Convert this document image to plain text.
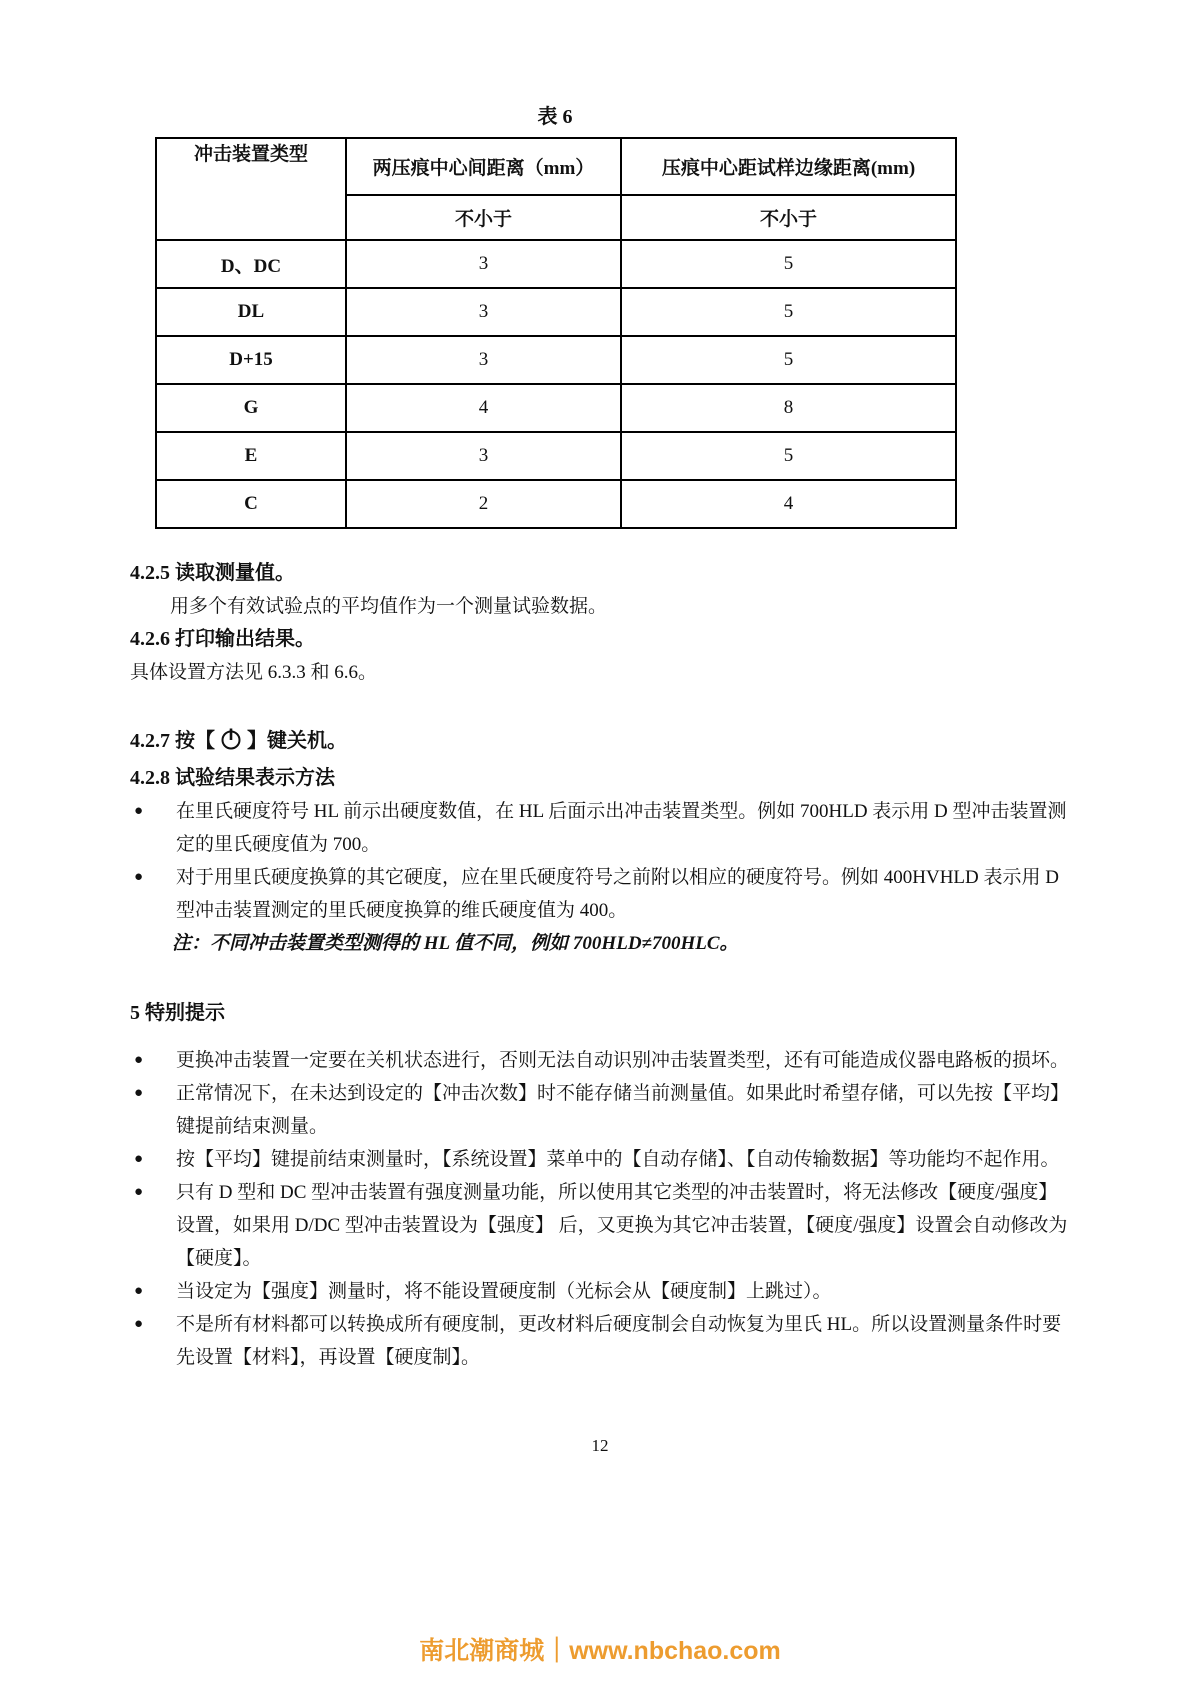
表 6
冲击装置类型	两压痕中心间距离（mm）	压痕中心距试样边缘距离(mm)
	不小于	不小于
D、DC	3	5
DL	3	5
D+15	3	5
G	4	8
E	3	5
C	2	4
4.2.5 读取测量值。
用多个有效试验点的平均值作为一个测量试验数据。
4.2.6 打印输出结果。
具体设置方法见 6.3.3 和 6.6。
4.2.7 按【 】键关机。
4.2.8 试验结果表示方法
●	在里氏硬度符号 HL 前示出硬度数值，在 HL 后面示出冲击装置类型。例如 700HLD 表示用 D 型冲击装置测定的里氏硬度值为 700。
●	对于用里氏硬度换算的其它硬度，应在里氏硬度符号之前附以相应的硬度符号。例如 400HVHLD 表示用 D 型冲击装置测定的里氏硬度换算的维氏硬度值为 400。
注：不同冲击装置类型测得的 HL 值不同，例如 700HLD≠700HLC。
5 特别提示
●	更换冲击装置一定要在关机状态进行，否则无法自动识别冲击装置类型，还有可能造成仪器电路板的损坏。
●	正常情况下，在未达到设定的【冲击次数】时不能存储当前测量值。如果此时希望存储，可以先按【平均】键提前结束测量。
●	按【平均】键提前结束测量时，【系统设置】菜单中的【自动存储】、【自动传输数据】等功能均不起作用。
●	只有 D 型和 DC 型冲击装置有强度测量功能，所以使用其它类型的冲击装置时，将无法修改【硬度/强度】设置，如果用 D/DC 型冲击装置设为【强度】 后，又更换为其它冲击装置，【硬度/强度】设置会自动修改为【硬度】。
●	当设定为【强度】测量时，将不能设置硬度制（光标会从【硬度制】上跳过）。
●	不是所有材料都可以转换成所有硬度制，更改材料后硬度制会自动恢复为里氏 HL。所以设置测量条件时要先设置【材料】，再设置【硬度制】。
12
南北潮商城｜www.nbchao.com
